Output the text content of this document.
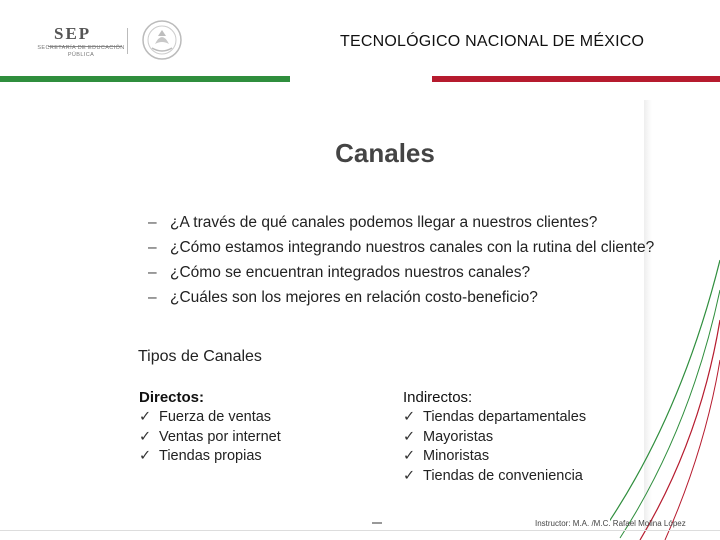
SEP
SECRETARÍA DE EDUCACIÓN PÚBLICA
TECNOLÓGICO NACIONAL DE MÉXICO
Canales
– ¿A través de qué canales podemos llegar a nuestros clientes?
– ¿Cómo estamos integrando nuestros canales con la rutina del cliente?
– ¿Cómo se encuentran integrados nuestros canales?
– ¿Cuáles son los mejores en relación costo-beneficio?
Tipos de Canales
Directos:
✓ Fuerza de ventas
✓ Ventas por internet
✓ Tiendas propias
Indirectos:
✓ Tiendas departamentales
✓ Mayoristas
✓ Minoristas
✓ Tiendas de conveniencia
Instructor: M.A. /M.C. Rafael Molina López
